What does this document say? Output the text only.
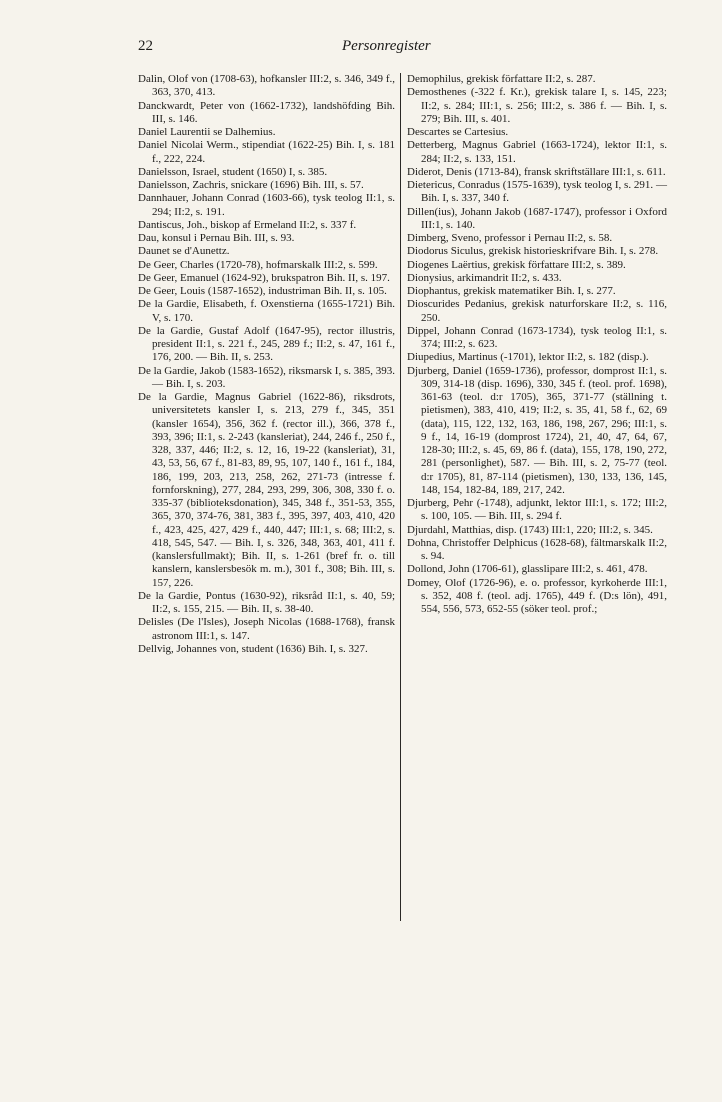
22	Personregister

Dalin, Olof von (1708-63), hofkansler III:2, s. 346, 349 f., 363, 370, 413.

Danckwardt, Peter von (1662-1732), landshöfding Bih. III, s. 146.

Daniel Laurentii se Dalhemius.

Daniel Nicolai Werm., stipendiat (1622-25) Bih. I, s. 181 f., 222, 224.

Danielsson, Israel, student (1650) I, s. 385.

Danielsson, Zachris, snickare (1696) Bih. III, s. 57.

Dannhauer, Johann Conrad (1603-66), tysk teolog II:1, s. 294; II:2, s. 191.

Dantiscus, Joh., biskop af Ermeland II:2, s. 337 f.

Dau, konsul i Pernau Bih. III, s. 93.

Daunet se d'Aunettz.

De Geer, Charles (1720-78), hofmarskalk III:2, s. 599.

De Geer, Emanuel (1624-92), brukspatron Bih. II, s. 197.

De Geer, Louis (1587-1652), industriman Bih. II, s. 105.

De la Gardie, Elisabeth, f. Oxenstierna (1655-1721) Bih. V, s. 170.

De la Gardie, Gustaf Adolf (1647-95), rector illustris, president II:1, s. 221 f., 245, 289 f.; II:2, s. 47, 161 f., 176, 200. — Bih. II, s. 253.

De la Gardie, Jakob (1583-1652), riksmarsk I, s. 385, 393. — Bih. I, s. 203.

De la Gardie, Magnus Gabriel (1622-86), riksdrots, universitetets kansler I, s. 213, 279 f., 345, 351 (kansler 1654), 356, 362 f. (rector ill.), 366, 378 f., 393, 396; II:1, s. 2-243 (kansleriat), 244, 246 f., 250 f., 328, 337, 446; II:2, s. 12, 16, 19-22 (kansleriat), 31, 43, 53, 56, 67 f., 81-83, 89, 95, 107, 140 f., 161 f., 184, 186, 199, 203, 213, 258, 262, 271-73 (intresse f. fornforskning), 277, 284, 293, 299, 306, 308, 330 f. o. 335-37 (biblioteksdonation), 345, 348 f., 351-53, 355, 365, 370, 374-76, 381, 383 f., 395, 397, 403, 410, 420 f., 423, 425, 427, 429 f., 440, 447; III:1, s. 68; III:2, s. 418, 545, 547. — Bih. I, s. 326, 348, 363, 401, 411 f. (kanslersfullmakt); Bih. II, s. 1-261 (bref fr. o. till kanslern, kanslersbesök m. m.), 301 f., 308; Bih. III, s. 157, 226.

De la Gardie, Pontus (1630-92), riksråd II:1, s. 40, 59; II:2, s. 155, 215. — Bih. II, s. 38-40.

Delisles (De l'Isles), Joseph Nicolas (1688-1768), fransk astronom III:1, s. 147.

Dellvig, Johannes von, student (1636) Bih. I, s. 327.

Demophilus, grekisk författare II:2, s. 287.

Demosthenes (-322 f. Kr.), grekisk talare I, s. 145, 223; II:2, s. 284; III:1, s. 256; III:2, s. 386 f. — Bih. I, s. 279; Bih. III, s. 401.

Descartes se Cartesius.

Detterberg, Magnus Gabriel (1663-1724), lektor II:1, s. 284; II:2, s. 133, 151.

Diderot, Denis (1713-84), fransk skriftställare III:1, s. 611.

Dietericus, Conradus (1575-1639), tysk teolog I, s. 291. — Bih. I, s. 337, 340 f.

Dillen(ius), Johann Jakob (1687-1747), professor i Oxford III:1, s. 140.

Dimberg, Sveno, professor i Pernau II:2, s. 58.

Diodorus Siculus, grekisk historieskrifvare Bih. I, s. 278.

Diogenes Laërtius, grekisk författare III:2, s. 389.

Dionysius, arkimandrit II:2, s. 433.

Diophantus, grekisk matematiker Bih. I, s. 277.

Dioscurides Pedanius, grekisk naturforskare II:2, s. 116, 250.

Dippel, Johann Conrad (1673-1734), tysk teolog II:1, s. 374; III:2, s. 623.

Diupedius, Martinus (-1701), lektor II:2, s. 182 (disp.).

Djurberg, Daniel (1659-1736), professor, domprost II:1, s. 309, 314-18 (disp. 1696), 330, 345 f. (teol. prof. 1698), 361-63 (teol. d:r 1705), 365, 371-77 (ställning t. pietismen), 383, 410, 419; II:2, s. 35, 41, 58 f., 62, 69 (data), 115, 122, 132, 163, 186, 198, 267, 296; III:1, s. 9 f., 14, 16-19 (domprost 1724), 21, 40, 47, 64, 67, 128-30; III:2, s. 45, 69, 86 f. (data), 155, 178, 190, 272, 281 (personlighet), 587. — Bih. III, s. 2, 75-77 (teol. d:r 1705), 81, 87-114 (pietismen), 130, 133, 136, 145, 148, 154, 182-84, 189, 217, 242.

Djurberg, Pehr (-1748), adjunkt, lektor III:1, s. 172; III:2, s. 100, 105. — Bih. III, s. 294 f.

Djurdahl, Matthias, disp. (1743) III:1, 220; III:2, s. 345.

Dohna, Christoffer Delphicus (1628-68), fältmarskalk II:2, s. 94.

Dollond, John (1706-61), glasslipare III:2, s. 461, 478.

Domey, Olof (1726-96), e. o. professor, kyrkoherde III:1, s. 352, 408 f. (teol. adj. 1765), 449 f. (D:s lön), 491, 554, 556, 573, 652-55 (söker teol. prof.;
